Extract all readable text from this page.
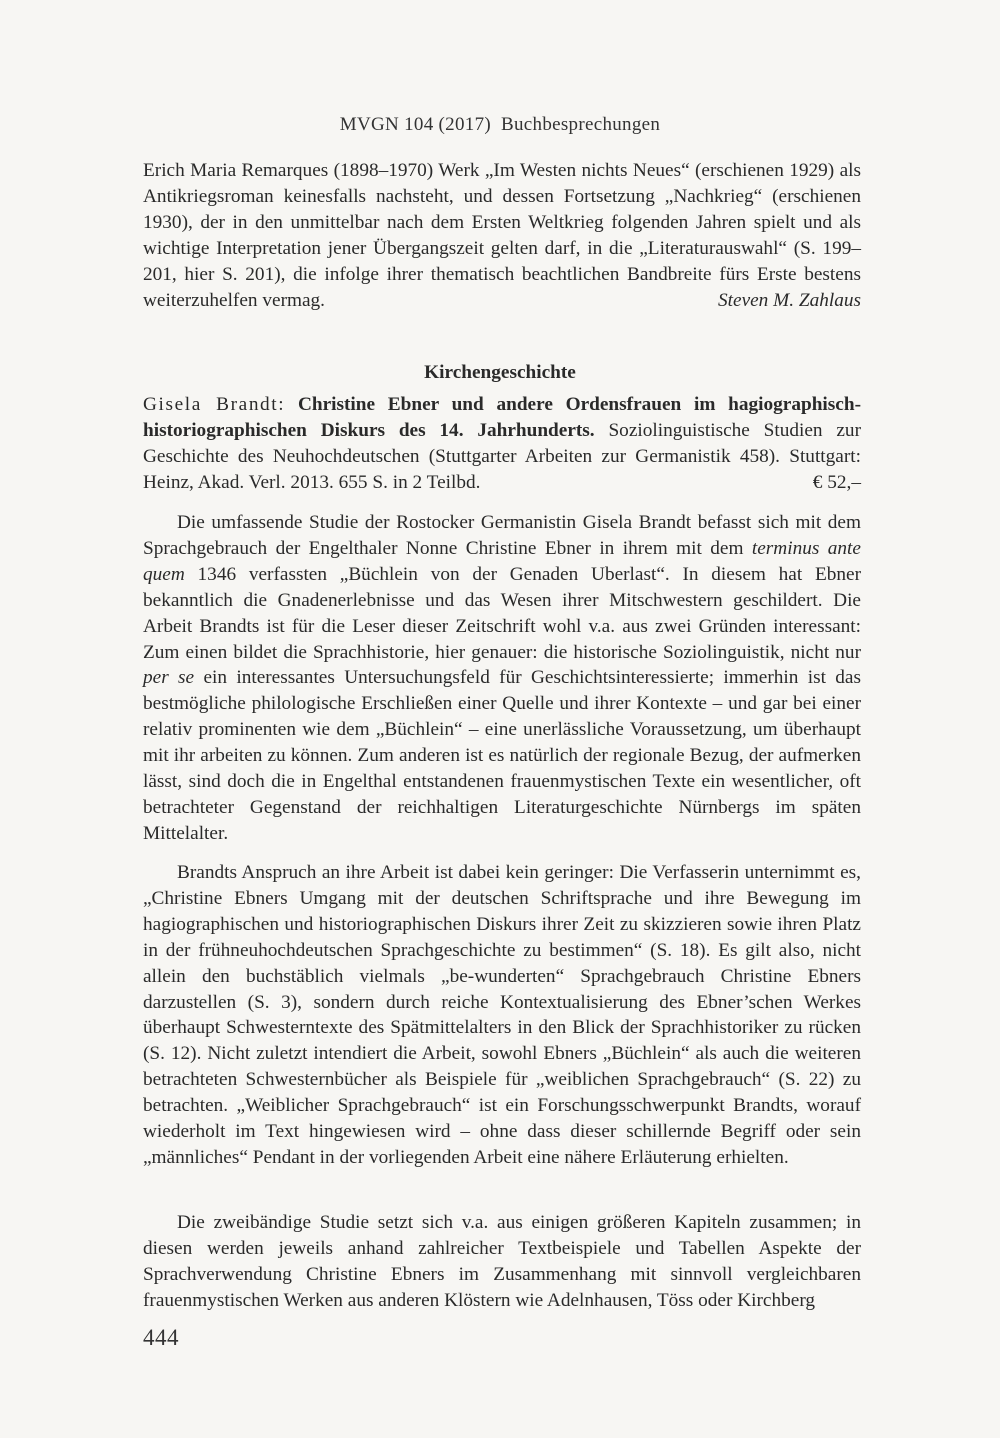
MVGN 104 (2017) Buchbesprechungen

Erich Maria Remarques (1898–1970) Werk „Im Westen nichts Neues“ (erschienen 1929) als Antikriegsroman keinesfalls nachsteht, und dessen Fortsetzung „Nachkrieg“ (erschienen 1930), der in den unmittelbar nach dem Ersten Weltkrieg folgenden Jahren spielt und als wichtige Interpretation jener Übergangszeit gelten darf, in die „Literaturauswahl“ (S. 199–201, hier S. 201), die infolge ihrer thematisch beachtlichen Bandbreite fürs Erste bestens weiterzuhelfen vermag.	Steven M. Zahlaus

Kirchengeschichte

Gisela Brandt: Christine Ebner und andere Ordensfrauen im hagiographisch-historiographischen Diskurs des 14. Jahrhunderts. Soziolinguistische Studien zur Geschichte des Neuhochdeutschen (Stuttgarter Arbeiten zur Germanistik 458). Stuttgart: Heinz, Akad. Verl. 2013. 655 S. in 2 Teilbd.	€ 52,–

Die umfassende Studie der Rostocker Germanistin Gisela Brandt befasst sich mit dem Sprachgebrauch der Engelthaler Nonne Christine Ebner in ihrem mit dem terminus ante quem 1346 verfassten „Büchlein von der Genaden Uberlast“. In diesem hat Ebner bekanntlich die Gnadenerlebnisse und das Wesen ihrer Mitschwestern geschildert. Die Arbeit Brandts ist für die Leser dieser Zeitschrift wohl v.a. aus zwei Gründen interessant: Zum einen bildet die Sprachhistorie, hier genauer: die historische Soziolinguistik, nicht nur per se ein interessantes Untersuchungsfeld für Geschichtsinteressierte; immerhin ist das bestmögliche philologische Erschließen einer Quelle und ihrer Kontexte – und gar bei einer relativ prominenten wie dem „Büchlein“ – eine unerlässliche Voraussetzung, um überhaupt mit ihr arbeiten zu können. Zum anderen ist es natürlich der regionale Bezug, der aufmerken lässt, sind doch die in Engelthal entstandenen frauenmystischen Texte ein wesentlicher, oft betrachteter Gegenstand der reichhaltigen Literaturgeschichte Nürnbergs im späten Mittelalter.

Brandts Anspruch an ihre Arbeit ist dabei kein geringer: Die Verfasserin unternimmt es, „Christine Ebners Umgang mit der deutschen Schriftsprache und ihre Bewegung im hagiographischen und historiographischen Diskurs ihrer Zeit zu skizzieren sowie ihren Platz in der frühneuhochdeutschen Sprachgeschichte zu bestimmen“ (S. 18). Es gilt also, nicht allein den buchstäblich vielmals „be-wunderten“ Sprachgebrauch Christine Ebners darzustellen (S. 3), sondern durch reiche Kontextualisierung des Ebner’schen Werkes überhaupt Schwesterntexte des Spätmittelalters in den Blick der Sprachhistoriker zu rücken (S. 12). Nicht zuletzt intendiert die Arbeit, sowohl Ebners „Büchlein“ als auch die weiteren betrachteten Schwesternbücher als Beispiele für „weiblichen Sprachgebrauch“ (S. 22) zu betrachten. „Weiblicher Sprachgebrauch“ ist ein Forschungsschwerpunkt Brandts, worauf wiederholt im Text hingewiesen wird – ohne dass dieser schillernde Begriff oder sein „männliches“ Pendant in der vorliegenden Arbeit eine nähere Erläuterung erhielten.

Die zweibändige Studie setzt sich v.a. aus einigen größeren Kapiteln zusammen; in diesen werden jeweils anhand zahlreicher Textbeispiele und Tabellen Aspekte der Sprachverwendung Christine Ebners im Zusammenhang mit sinnvoll vergleichbaren frauenmystischen Werken aus anderen Klöstern wie Adelnhausen, Töss oder Kirchberg

444
